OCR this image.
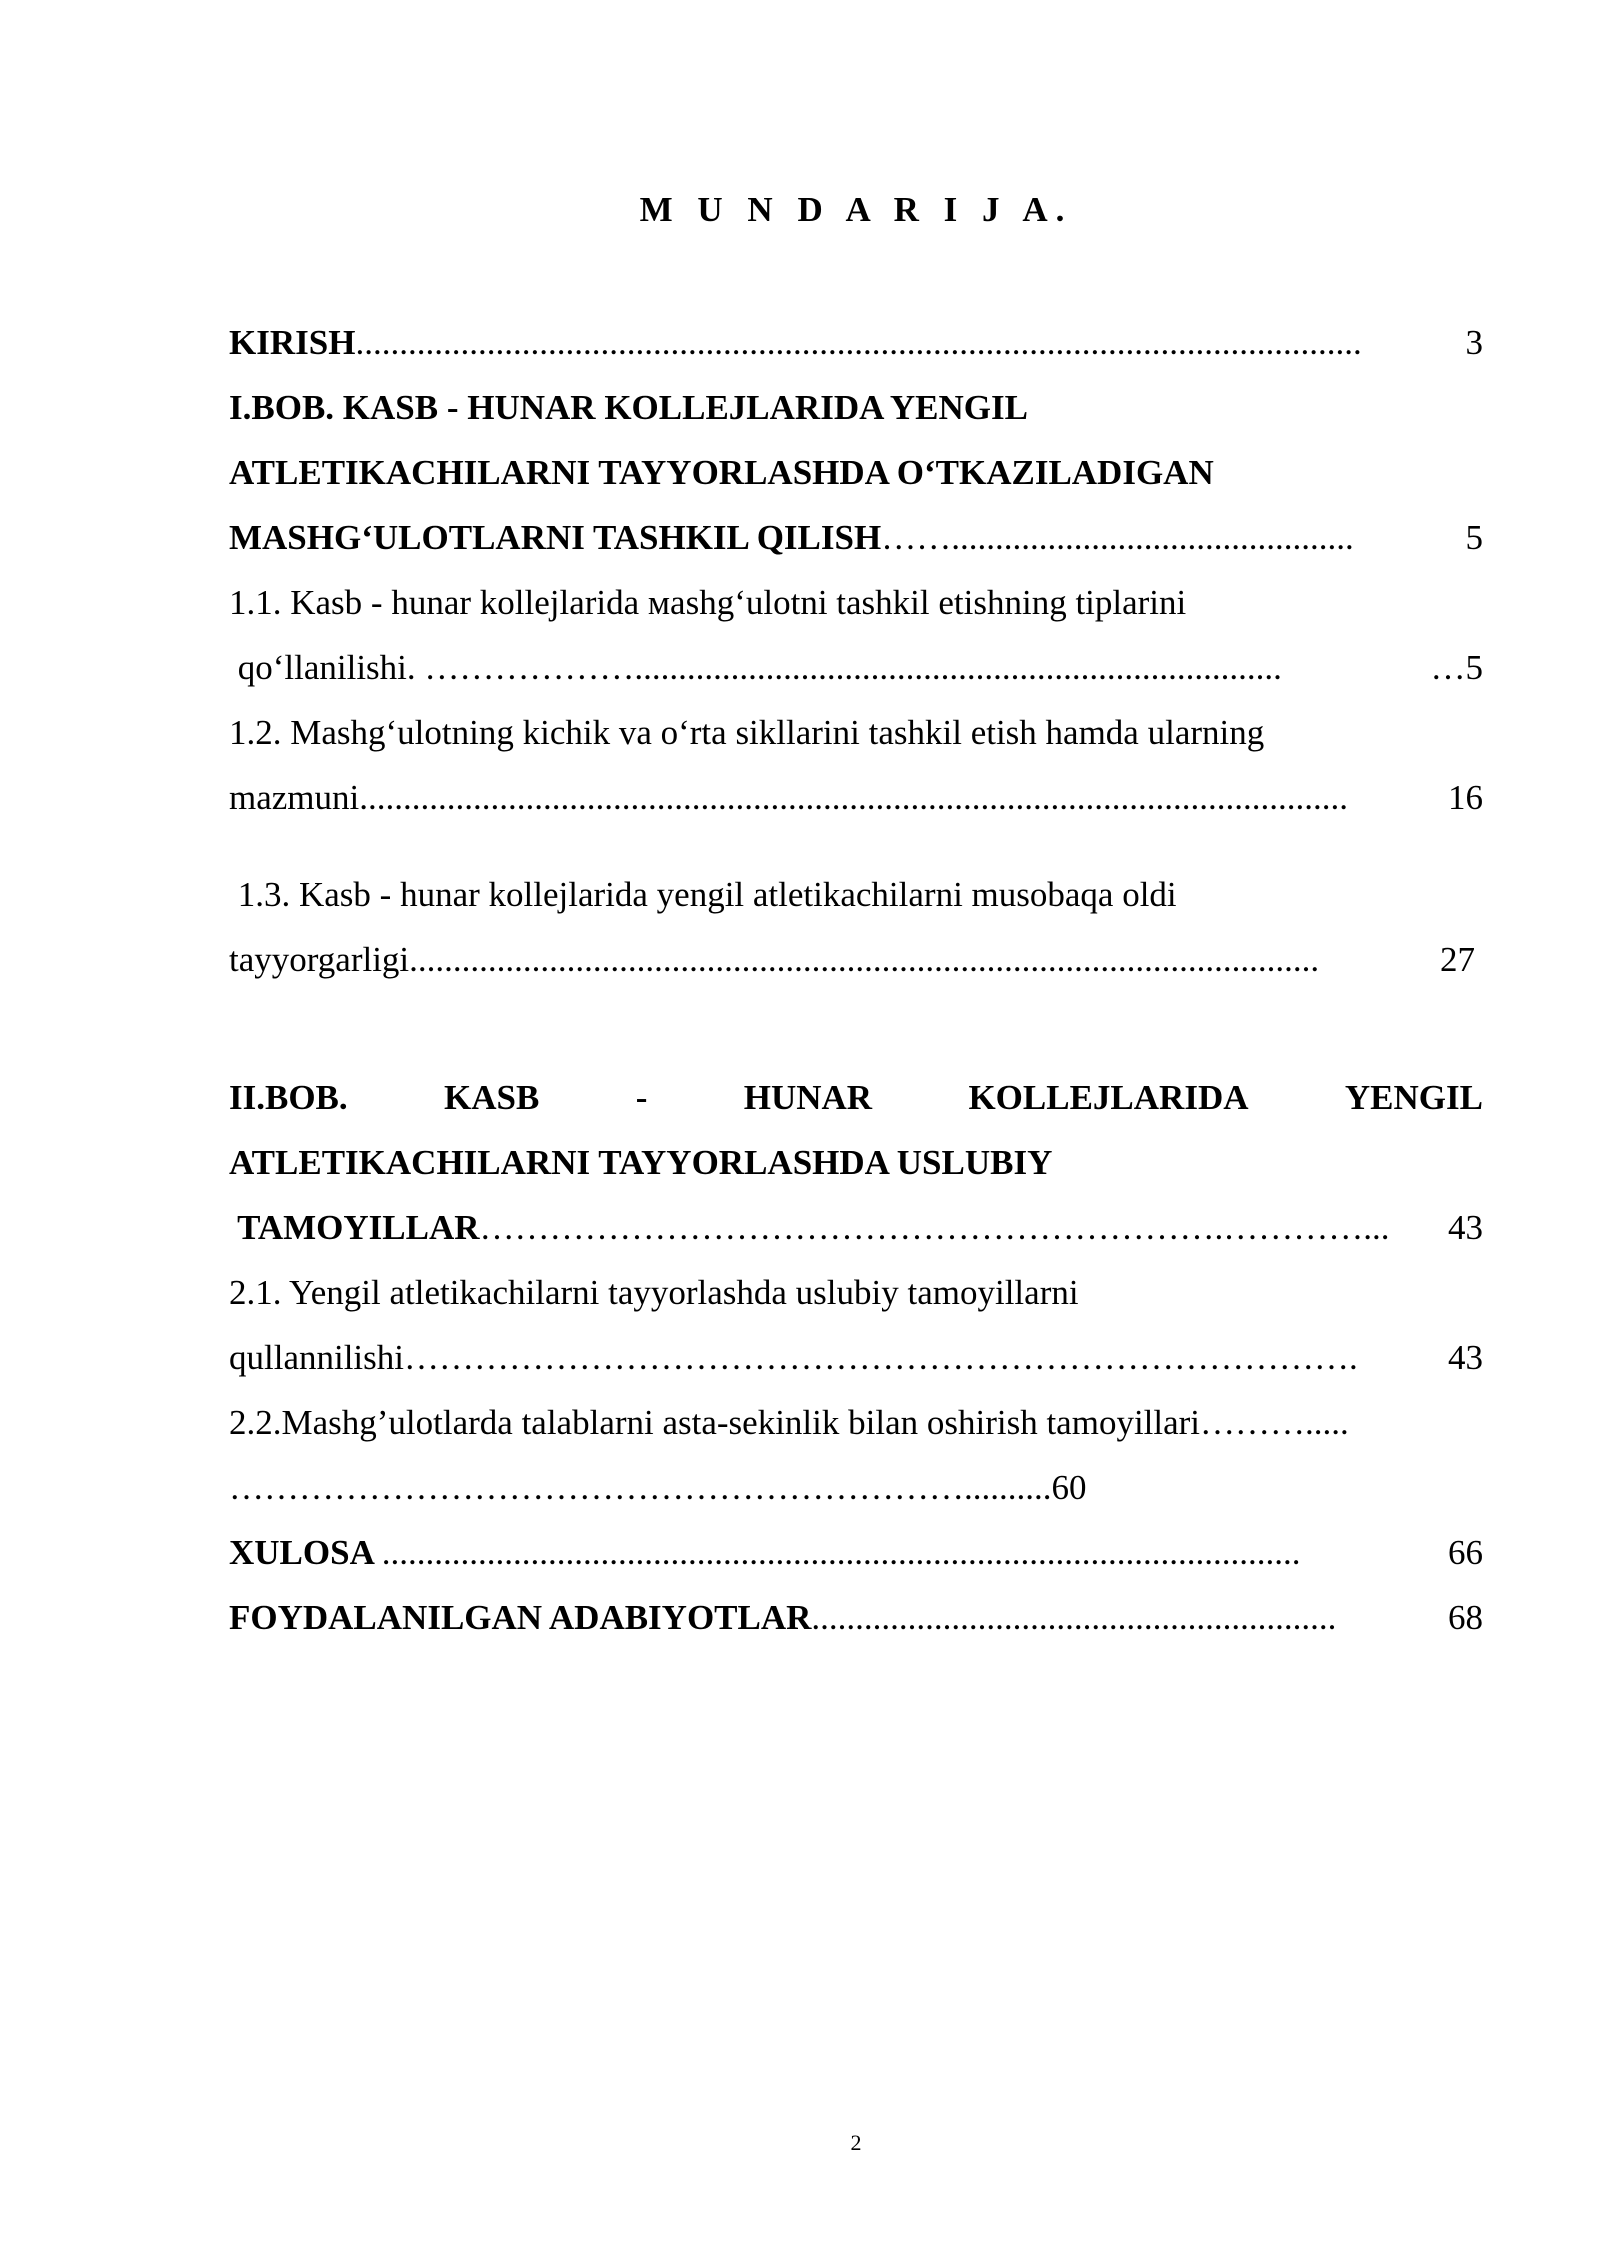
M U N D A R I J A.
KIRISH ...................................................................................................................	3
I.BOB. KASB - HUNAR KOLLEJLARIDA YENGIL
ATLETIKACHILARNI TAYYORLASHDA O‘TKAZILADIGAN
MASHG‘ULOTLARNI TASHKIL QILISH ……..............................................	5
1.1. Kasb - hunar kollejlarida мashg‘ulotni tashkil etishning tiplarini
qo‘llanilishi. ………………..........................................................................	…5
1.2. Mashg‘ulotning kichik va o‘rta sikllarini tashkil etish hamda ularning
mazmuni .................................................................................................................	16
1.3. Kasb - hunar kollejlarida yengil atletikachilarni musobaqa oldi
tayyorgarligi ........................................................................................................	27
II.BOB.	KASB	-	HUNAR	KOLLEJLARIDA	YENGIL
ATLETIKACHILARNI TAYYORLASHDA USLUBIY
TAMOYILLAR ……………………………………………………….…………...	43
2.1. Yengil atletikachilarni tayyorlashda uslubiy tamoyillarni
qullannilishi ……………………………………………………………………….	43
2.2.Mashg’ulotlarda talablarni asta-sekinlik bilan oshirish tamoyillari……….....
………………………………………………………..........60
XULOSA .........................................................................................................	66
FOYDALANILGAN ADABIYOTLAR ............................................................	68
2
